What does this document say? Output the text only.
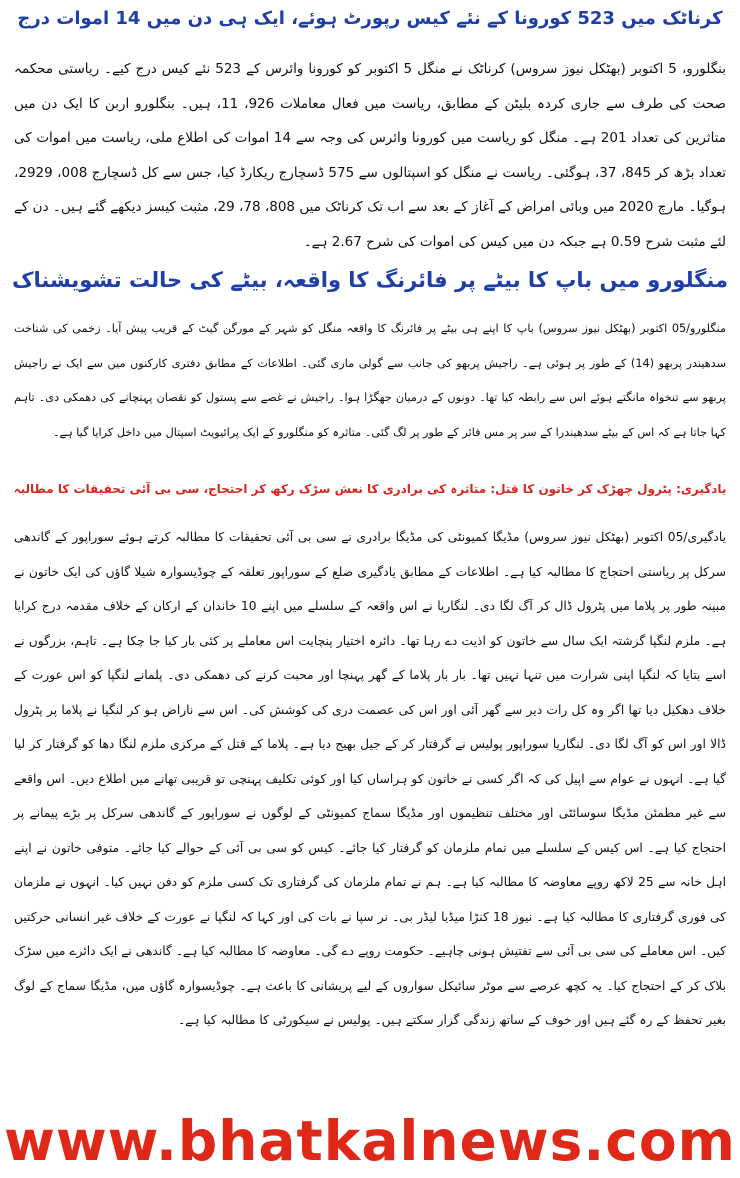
کرناٹک میں 523 کورونا کے نئے کیس رپورٹ ہوئے، ایک ہی دن میں 14 اموات درج

بنگلورو، 5 اکتوبر (بھٹکل نیوز سروس) کرناٹک نے منگل 5 اکتوبر کو کورونا وائرس کے 523 نئے کیس درج کیے۔ ریاستی محکمہ صحت کی طرف سے جاری کردہ بلیٹن کے مطابق، ریاست میں فعال معاملات 926، 11، ہیں۔ بنگلورو اربن کا ایک دن میں متاثرین کی تعداد 201 ہے۔ منگل کو ریاست میں کورونا وائرس کی وجہ سے 14 اموات کی اطلاع ملی، ریاست میں اموات کی تعداد بڑھ کر 845، 37، ہوگئی۔ ریاست نے منگل کو اسپتالوں سے 575 ڈسچارج ریکارڈ کیا، جس سے کل ڈسچارج 008، 2929، ہوگیا۔ مارچ 2020 میں وبائی امراض کے آغاز کے بعد سے اب تک کرناٹک میں 808، 78، 29، مثبت کیسز دیکھے گئے ہیں۔ دن کے لئے مثبت شرح 0.59 ہے جبکہ دن میں کیس کی اموات کی شرح 2.67 ہے۔

منگلورو میں باپ کا بیٹے پر فائرنگ کا واقعہ، بیٹے کی حالت تشویشناک

منگلورو/05 اکتوبر (بھٹکل نیوز سروس) باپ کا اپنے ہی بیٹے پر فائرنگ کا واقعہ منگل کو شہر کے مورگن گیٹ کے قریب پیش آیا۔ زخمی کی شناخت سدھیندر پربھو (14) کے طور پر ہوئی ہے۔ راجیش پربھو کی جانب سے گولی ماری گئی۔ اطلاعات کے مطابق دفتری کارکنوں میں سے ایک نے راجیش پربھو سے تنخواہ مانگتے ہوئے اس سے رابطہ کیا تھا۔ دونوں کے درمیان جھگڑا ہوا۔ راجیش نے غصے سے پستول کو نقصان پہنچانے کی دھمکی دی۔ تاہم کہا جاتا ہے کہ اس کے بیٹے سدھیندرا کے سر پر مس فائر کے طور پر لگ گئی۔ متاثرہ کو منگلورو کے ایک پرائیویٹ اسپتال میں داخل کرایا گیا ہے۔

یادگیری: پٹرول چھڑک کر خاتون کا قتل: متاثرہ کی برادری کا نعش سڑک رکھ کر احتجاج، سی بی آئی تحقیقات کا مطالبہ

یادگیری/05 اکتوبر (بھٹکل نیوز سروس) مڈیگا کمیونٹی کی مڈیگا برادری نے سی بی آئی تحقیقات کا مطالبہ کرتے ہوئے سوراپور کے گاندھی سرکل پر ریاستی احتجاج کا مطالبہ کیا ہے۔ اطلاعات کے مطابق یادگیری ضلع کے سوراپور تعلقہ کے چوڈیسوارہ شیلا گاؤں کی ایک خاتون نے مبینہ طور پر پلاما میں پٹرول ڈال کر آگ لگا دی۔ لنگاریا نے اس واقعہ کے سلسلے میں اپنے 10 خاندان کے ارکان کے خلاف مقدمہ درج کرایا ہے۔ ملزم لنگپا گزشتہ ایک سال سے خاتون کو اذیت دے رہا تھا۔ دائرہ اختیار پنچایت اس معاملے پر کئی بار کیا جا چکا ہے۔ تاہم، بزرگوں نے اسے بتایا کہ لنگپا اپنی شرارت میں تنہا نہیں تھا۔ بار بار پلاما کے گھر پہنچا اور محبت کرنے کی دھمکی دی۔ پلمانے لنگپا کو اس عورت کے خلاف دھکیل دیا تھا اگر وہ کل رات دیر سے گھر آئی اور اس کی عصمت دری کی کوشش کی۔ اس سے ناراض ہو کر لنگپا نے پلاما پر پٹرول ڈالا اور اس کو آگ لگا دی۔ لنگاریا سوراپور پولیس نے گرفتار کر کے جیل بھیج دیا ہے۔ پلاما کے قتل کے مرکزی ملزم لنگا دھا کو گرفتار کر لیا گیا ہے۔ انہوں نے عوام سے اپیل کی کہ اگر کسی نے خاتون کو ہراساں کیا اور کوئی تکلیف پہنچی تو قریبی تھانے میں اطلاع دیں۔ اس واقعے سے غیر مطمئن مڈیگا سوسائٹی اور مختلف تنظیموں اور مڈیگا سماج کمیونٹی کے لوگوں نے سوراپور کے گاندھی سرکل پر بڑے پیمانے پر احتجاج کیا ہے۔ اس کیس کے سلسلے میں تمام ملزمان کو گرفتار کیا جائے۔ کیس کو سی بی آئی کے حوالے کیا جائے۔ متوفی خاتون نے اپنے اہل خانہ سے 25 لاکھ روپے معاوضہ کا مطالبہ کیا ہے۔ ہم نے تمام ملزمان کی گرفتاری تک کسی ملزم کو دفن نہیں کیا۔ انہوں نے ملزمان کی فوری گرفتاری کا مطالبہ کیا ہے۔ نیوز 18 کنڑا میڈیا لیڈر بی۔ نر سپا نے بات کی اور کہا کہ لنگپا نے عورت کے خلاف غیر انسانی حرکتیں کیں۔ اس معاملے کی سی بی آئی سے تفتیش ہونی چاہیے۔ حکومت روپے دے گی۔ معاوضہ کا مطالبہ کیا ہے۔ گاندھی نے ایک دائرے میں سڑک بلاک کر کے احتجاج کیا۔ یہ کچھ عرصے سے موٹر سائیکل سواروں کے لیے پریشانی کا باعث ہے۔ چوڈیسوارہ گاؤں میں، مڈیگا سماج کے لوگ بغیر تحفظ کے رہ گئے ہیں اور خوف کے ساتھ زندگی گزار سکتے ہیں۔ پولیس نے سیکورٹی کا مطالبہ کیا ہے۔

www.bhatkalnews.com
